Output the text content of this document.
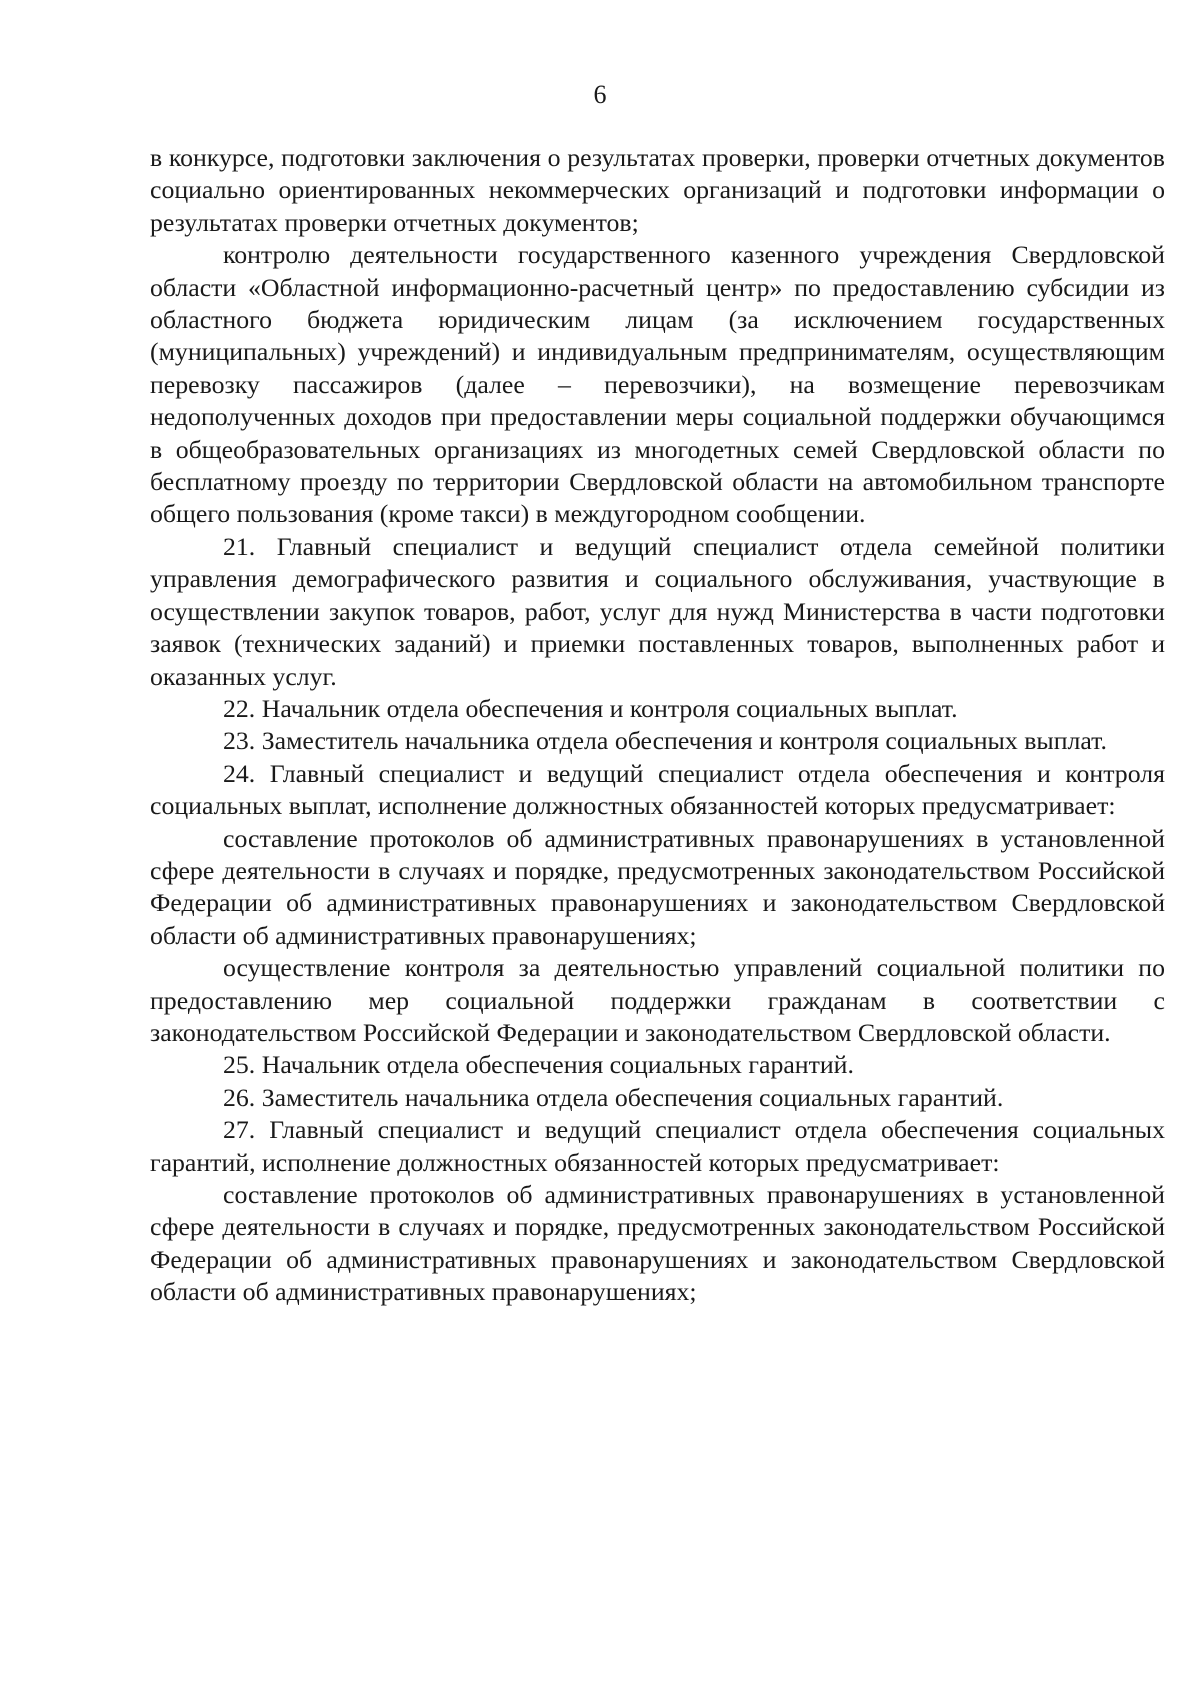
6

в конкурсе, подготовки заключения о результатах проверки, проверки отчетных документов социально ориентированных некоммерческих организаций и подготовки информации о результатах проверки отчетных документов;

контролю деятельности государственного казенного учреждения Свердловской области «Областной информационно-расчетный центр» по предоставлению субсидии из областного бюджета юридическим лицам (за исключением государственных (муниципальных) учреждений) и индивидуальным предпринимателям, осуществляющим перевозку пассажиров (далее – перевозчики), на возмещение перевозчикам недополученных доходов при предоставлении меры социальной поддержки обучающимся в общеобразовательных организациях из многодетных семей Свердловской области по бесплатному проезду по территории Свердловской области на автомобильном транспорте общего пользования (кроме такси) в междугородном сообщении.

21. Главный специалист и ведущий специалист отдела семейной политики управления демографического развития и социального обслуживания, участвующие в осуществлении закупок товаров, работ, услуг для нужд Министерства в части подготовки заявок (технических заданий) и приемки поставленных товаров, выполненных работ и оказанных услуг.

22. Начальник отдела обеспечения и контроля социальных выплат.

23. Заместитель начальника отдела обеспечения и контроля социальных выплат.

24. Главный специалист и ведущий специалист отдела обеспечения и контроля социальных выплат, исполнение должностных обязанностей которых предусматривает:

составление протоколов об административных правонарушениях в установленной сфере деятельности в случаях и порядке, предусмотренных законодательством Российской Федерации об административных правонарушениях и законодательством Свердловской области об административных правонарушениях;

осуществление контроля за деятельностью управлений социальной политики по предоставлению мер социальной поддержки гражданам в соответствии с законодательством Российской Федерации и законодательством Свердловской области.

25. Начальник отдела обеспечения социальных гарантий.

26. Заместитель начальника отдела обеспечения социальных гарантий.

27. Главный специалист и ведущий специалист отдела обеспечения социальных гарантий, исполнение должностных обязанностей которых предусматривает:

составление протоколов об административных правонарушениях в установленной сфере деятельности в случаях и порядке, предусмотренных законодательством Российской Федерации об административных правонарушениях и законодательством Свердловской области об административных правонарушениях;
